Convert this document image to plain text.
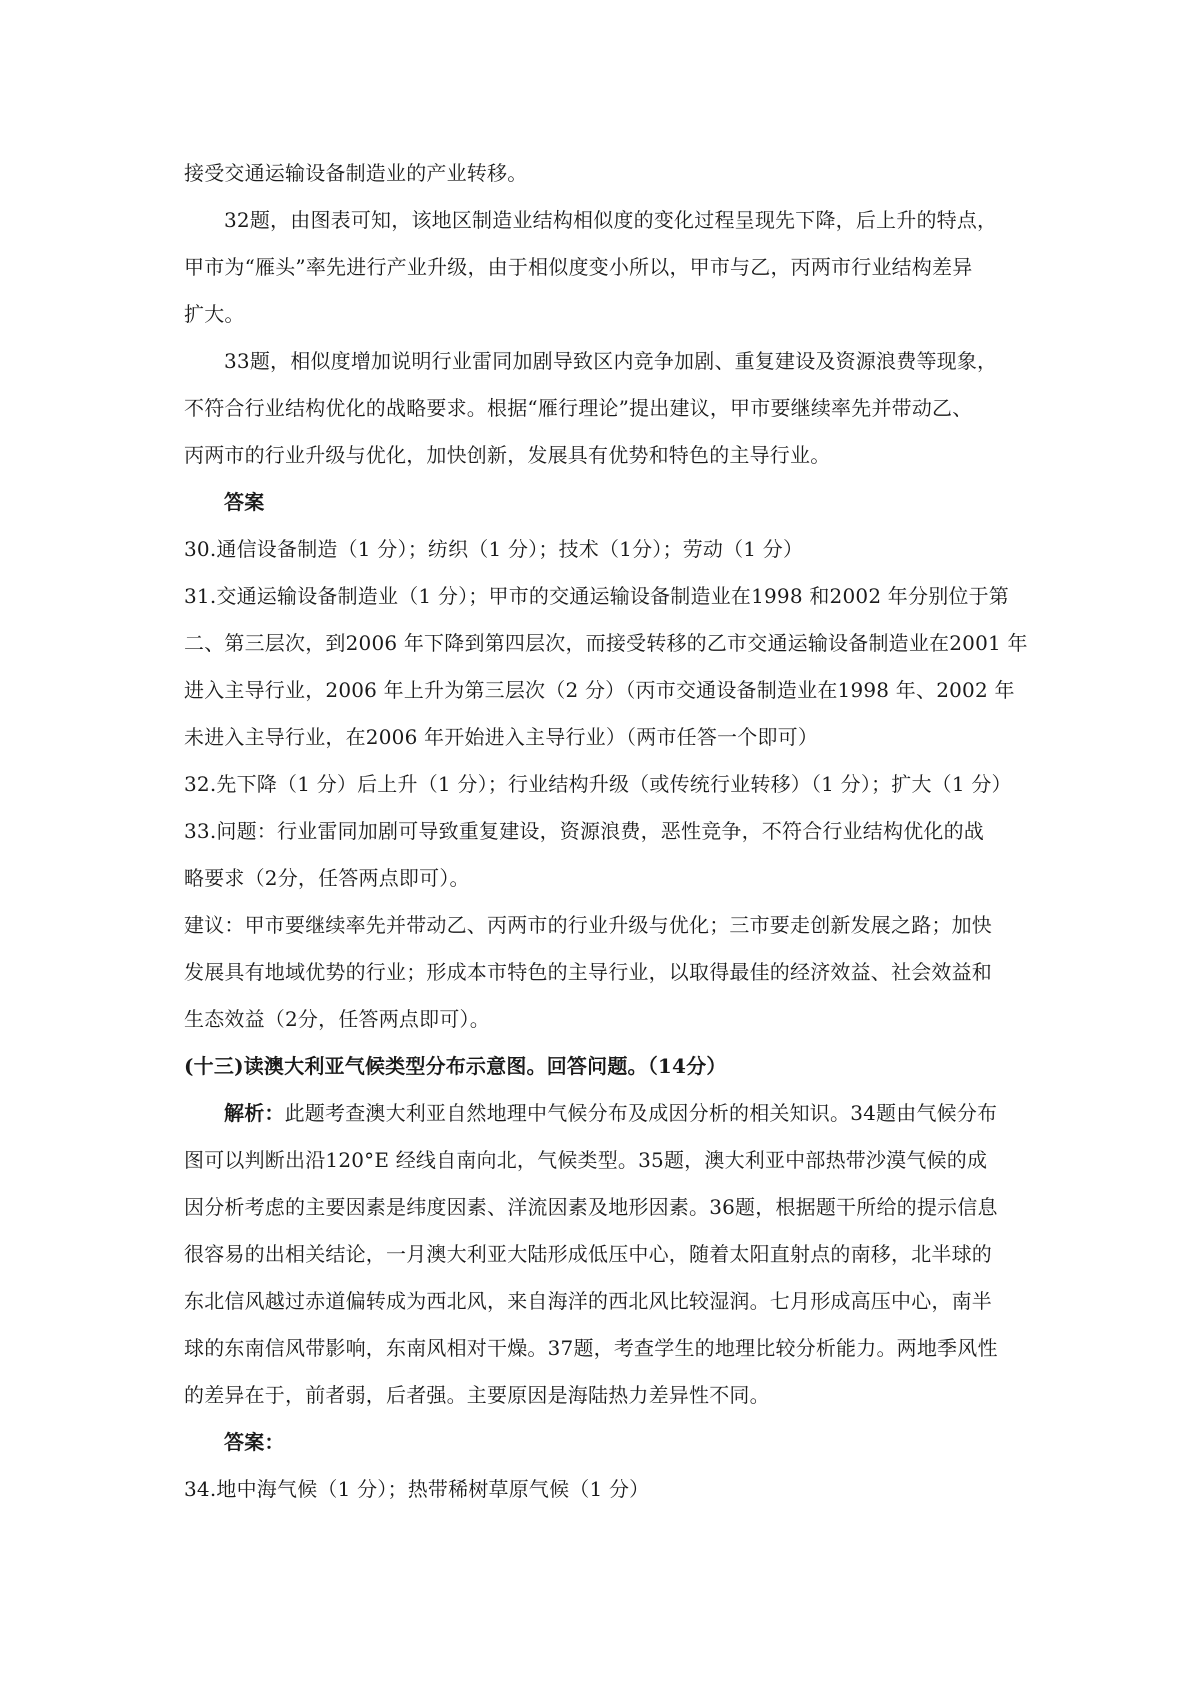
接受交通运输设备制造业的产业转移。
32题，由图表可知，该地区制造业结构相似度的变化过程呈现先下降，后上升的特点，
甲市为“雁头”率先进行产业升级，由于相似度变小所以，甲市与乙，丙两市行业结构差异
扩大。
33题，相似度增加说明行业雷同加剧导致区内竞争加剧、重复建设及资源浪费等现象，
不符合行业结构优化的战略要求。根据“雁行理论”提出建议，甲市要继续率先并带动乙、
丙两市的行业升级与优化，加快创新，发展具有优势和特色的主导行业。
答案
30.通信设备制造（1 分）；纺织（1 分）；技术（1分）；劳动（1 分）
31.交通运输设备制造业（1 分）；甲市的交通运输设备制造业在1998 和2002 年分别位于第
二、第三层次，到2006 年下降到第四层次，而接受转移的乙市交通运输设备制造业在2001 年
进入主导行业，2006 年上升为第三层次（2 分）（丙市交通设备制造业在1998 年、2002 年
未进入主导行业，在2006 年开始进入主导行业）（两市任答一个即可）
32.先下降（1 分）后上升（1 分）；行业结构升级（或传统行业转移）（1 分）；扩大（1 分）
33.问题：行业雷同加剧可导致重复建设，资源浪费，恶性竞争，不符合行业结构优化的战
略要求（2分，任答两点即可）。
建议：甲市要继续率先并带动乙、丙两市的行业升级与优化；三市要走创新发展之路；加快
发展具有地域优势的行业；形成本市特色的主导行业，以取得最佳的经济效益、社会效益和
生态效益（2分，任答两点即可）。
(十三)读澳大利亚气候类型分布示意图。回答问题。（14分）
解析：此题考查澳大利亚自然地理中气候分布及成因分析的相关知识。34题由气候分布
图可以判断出沿120°E 经线自南向北，气候类型。35题，澳大利亚中部热带沙漠气候的成
因分析考虑的主要因素是纬度因素、洋流因素及地形因素。36题，根据题干所给的提示信息
很容易的出相关结论，一月澳大利亚大陆形成低压中心，随着太阳直射点的南移，北半球的
东北信风越过赤道偏转成为西北风，来自海洋的西北风比较湿润。七月形成高压中心，南半
球的东南信风带影响，东南风相对干燥。37题，考查学生的地理比较分析能力。两地季风性
的差异在于，前者弱，后者强。主要原因是海陆热力差异性不同。
答案：
34.地中海气候（1 分）；热带稀树草原气候（1 分）
